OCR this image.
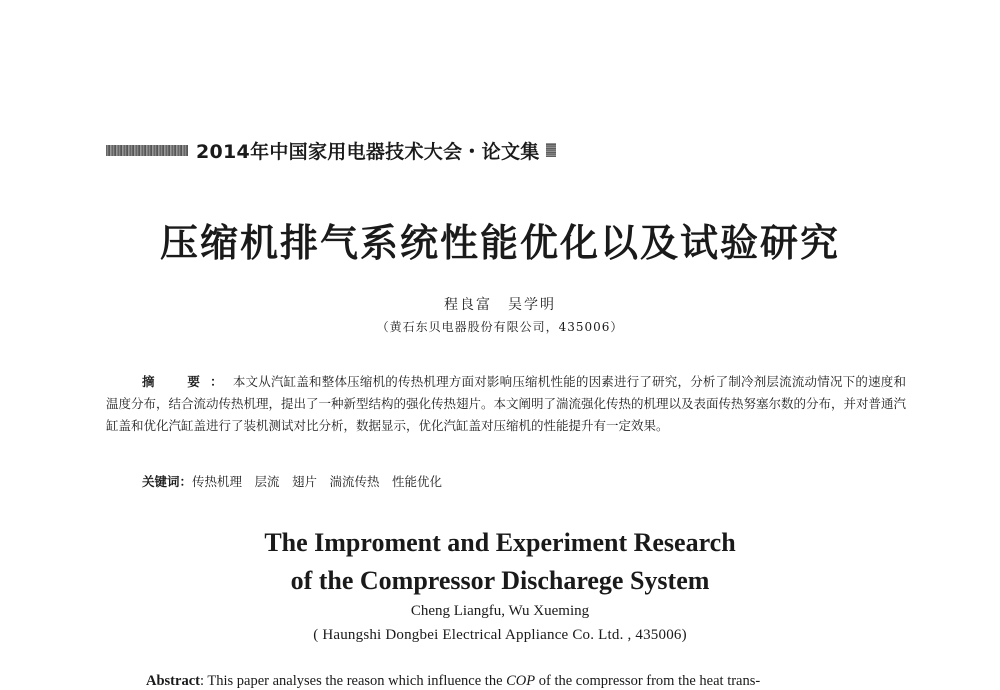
2014年中国家用电器技术大会・论文集
压缩机排气系统性能优化以及试验研究
程良富　吴学明
（黄石东贝电器股份有限公司，435006）
摘　要：本文从汽缸盖和整体压缩机的传热机理方面对影响压缩机性能的因素进行了研究，分析了制冷剂层流流动情况下的速度和温度分布，结合流动传热机理，提出了一种新型结构的强化传热翅片。本文阐明了湍流强化传热的机理以及表面传热努塞尔数的分布，并对普通汽缸盖和优化汽缸盖进行了装机测试对比分析，数据显示，优化汽缸盖对压缩机的性能提升有一定效果。
关键词：传热机理　层流　翅片　湍流传热　性能优化
The Improment and Experiment Research
of the Compressor Discharege System
Cheng Liangfu, Wu Xueming
( Haungshi Dongbei Electrical Appliance Co. Ltd. , 435006)
Abstract: This paper analyses the reason which influence the COP of the compressor from the heat trans-
